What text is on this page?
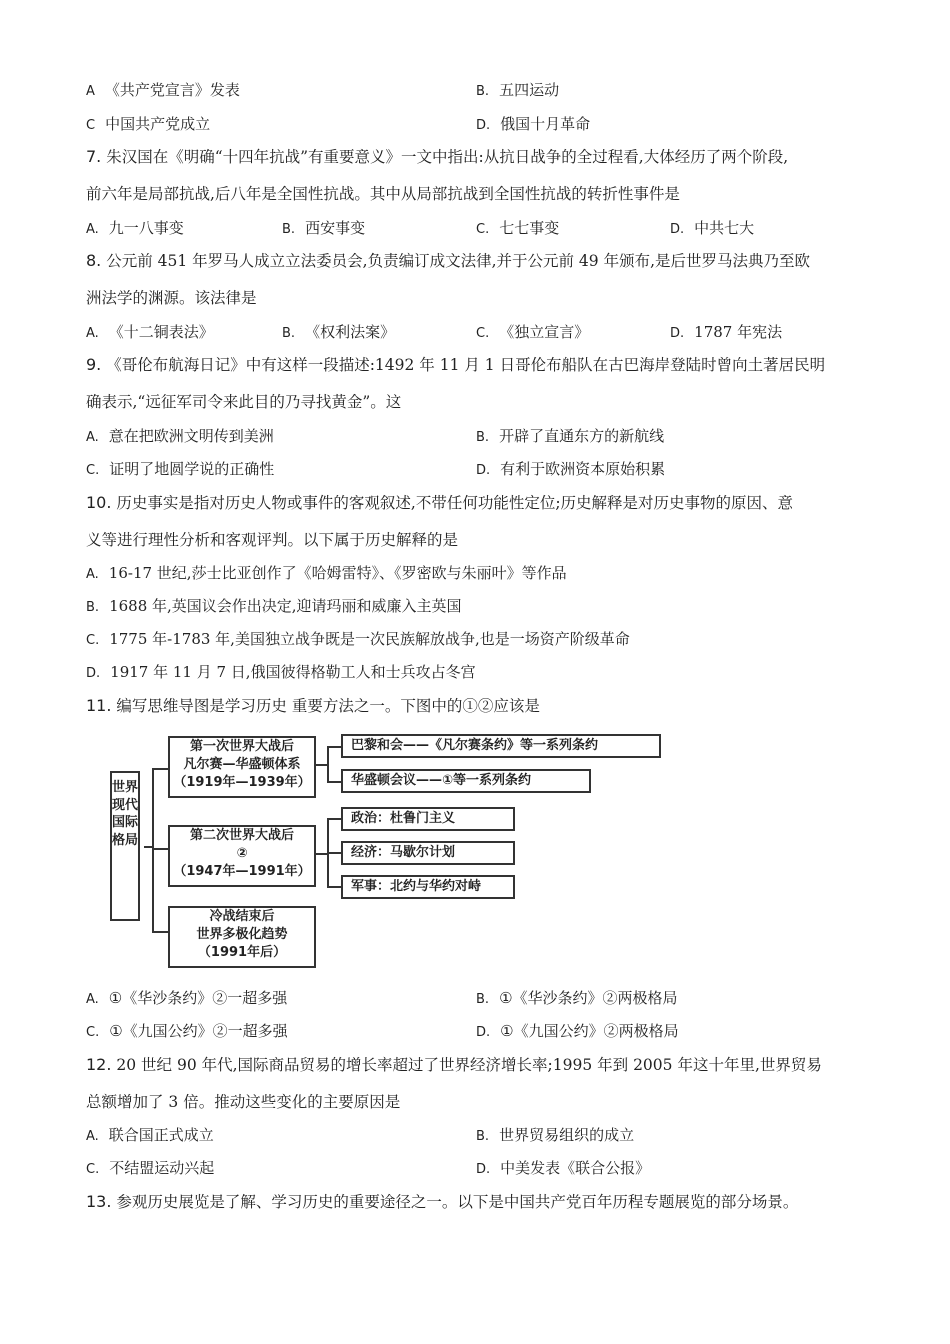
A 《共产党宣言》发表	B. 五四运动
C 中国共产党成立	D. 俄国十月革命
7. 朱汉国在《明确“十四年抗战”有重要意义》一文中指出:从抗日战争的全过程看,大体经历了两个阶段,
前六年是局部抗战,后八年是全国性抗战。其中从局部抗战到全国性抗战的转折性事件是
A. 九一八事变	B. 西安事变	C. 七七事变	D. 中共七大
8. 公元前 451 年罗马人成立立法委员会,负责编订成文法律,并于公元前 49 年颁布,是后世罗马法典乃至欧
洲法学的渊源。该法律是
A. 《十二铜表法》	B. 《权利法案》	C. 《独立宣言》	D. 1787 年宪法
9. 《哥伦布航海日记》中有这样一段描述:1492 年 11 月 1 日哥伦布船队在古巴海岸登陆时曾向土著居民明
确表示,“远征军司令来此目的乃寻找黄金”。这
A. 意在把欧洲文明传到美洲	B. 开辟了直通东方的新航线
C. 证明了地圆学说的正确性	D. 有利于欧洲资本原始积累
10. 历史事实是指对历史人物或事件的客观叙述,不带任何功能性定位;历史解释是对历史事物的原因、意
义等进行理性分析和客观评判。以下属于历史解释的是
A. 16-17 世纪,莎士比亚创作了《哈姆雷特》、《罗密欧与朱丽叶》等作品
B. 1688 年,英国议会作出决定,迎请玛丽和威廉入主英国
C. 1775 年-1783 年,美国独立战争既是一次民族解放战争,也是一场资产阶级革命
D. 1917 年 11 月 7 日,俄国彼得格勒工人和士兵攻占冬宫
11. 编写思维导图是学习历史 重要方法之一。下图中的①②应该是
世界现代国际格局
第一次世界大战后
凡尔赛—华盛顿体系
（1919年—1939年）
巴黎和会——《凡尔赛条约》等一系列条约
华盛顿会议——①等一系列条约
第二次世界大战后
②
（1947年—1991年）
政治：杜鲁门主义
经济：马歇尔计划
军事：北约与华约对峙
冷战结束后
世界多极化趋势
（1991年后）
A. ①《华沙条约》②一超多强	B. ①《华沙条约》②两极格局
C. ①《九国公约》②一超多强	D. ①《九国公约》②两极格局
12. 20 世纪 90 年代,国际商品贸易的增长率超过了世界经济增长率;1995 年到 2005 年这十年里,世界贸易
总额增加了 3 倍。推动这些变化的主要原因是
A. 联合国正式成立	B. 世界贸易组织的成立
C. 不结盟运动兴起	D. 中美发表《联合公报》
13. 参观历史展览是了解、学习历史的重要途径之一。以下是中国共产党百年历程专题展览的部分场景。
